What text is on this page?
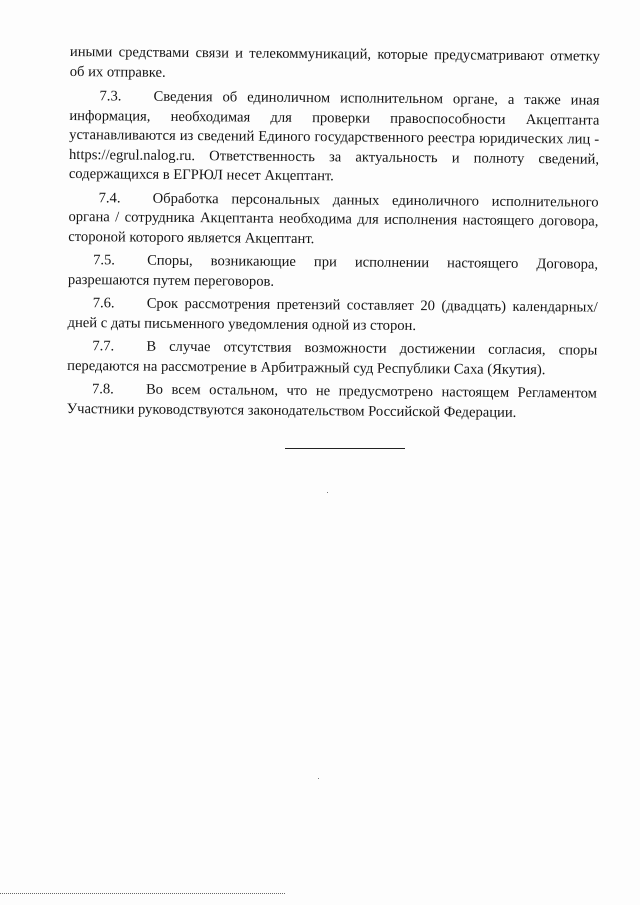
иными средствами связи и телекоммуникаций, которые предусматривают отметку об их отправке.

7.3. Сведения об единоличном исполнительном органе, а также иная информация, необходимая для проверки правоспособности Акцептанта устанавливаются из сведений Единого государственного реестра юридических лиц - https://egrul.nalog.ru. Ответственность за актуальность и полноту сведений, содержащихся в ЕГРЮЛ несет Акцептант.

7.4. Обработка персональных данных единоличного исполнительного органа / сотрудника Акцептанта необходима для исполнения настоящего договора, стороной которого является Акцептант.

7.5. Споры, возникающие при исполнении настоящего Договора, разрешаются путем переговоров.

7.6. Срок рассмотрения претензий составляет 20 (двадцать) календарных/дней с даты письменного уведомления одной из сторон.

7.7. В случае отсутствия возможности достижении согласия, споры передаются на рассмотрение в Арбитражный суд Республики Саха (Якутия).

7.8. Во всем остальном, что не предусмотрено настоящем Регламентом Участники руководствуются законодательством Российской Федерации.
